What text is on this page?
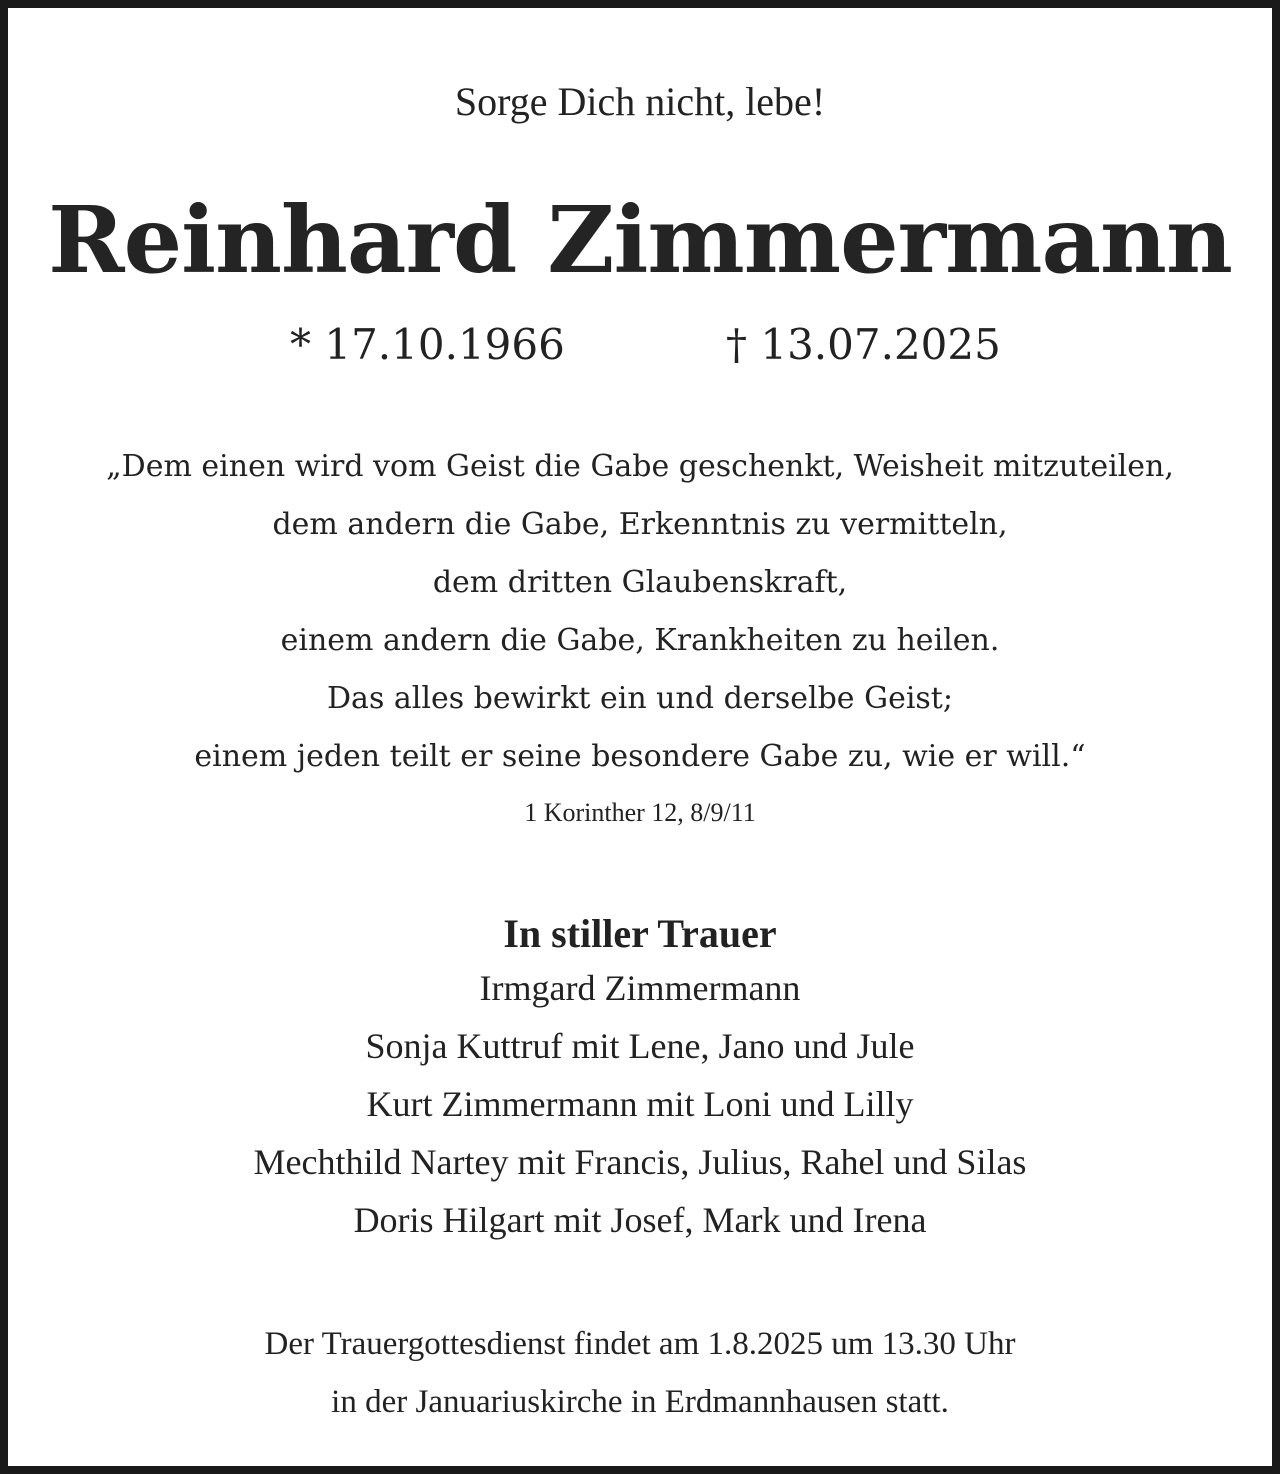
Sorge Dich nicht, lebe!
Reinhard Zimmermann
* 17.10.1966	† 13.07.2025
„Dem einen wird vom Geist die Gabe geschenkt, Weisheit mitzuteilen,
dem andern die Gabe, Erkenntnis zu vermitteln,
dem dritten Glaubenskraft,
einem andern die Gabe, Krankheiten zu heilen.
Das alles bewirkt ein und derselbe Geist;
einem jeden teilt er seine besondere Gabe zu, wie er will.“
1 Korinther 12, 8/9/11
In stiller Trauer
Irmgard Zimmermann
Sonja Kuttruf mit Lene, Jano und Jule
Kurt Zimmermann mit Loni und Lilly
Mechthild Nartey mit Francis, Julius, Rahel und Silas
Doris Hilgart mit Josef, Mark und Irena
Der Trauergottesdienst findet am 1.8.2025 um 13.30 Uhr
in der Januariuskirche in Erdmannhausen statt.
